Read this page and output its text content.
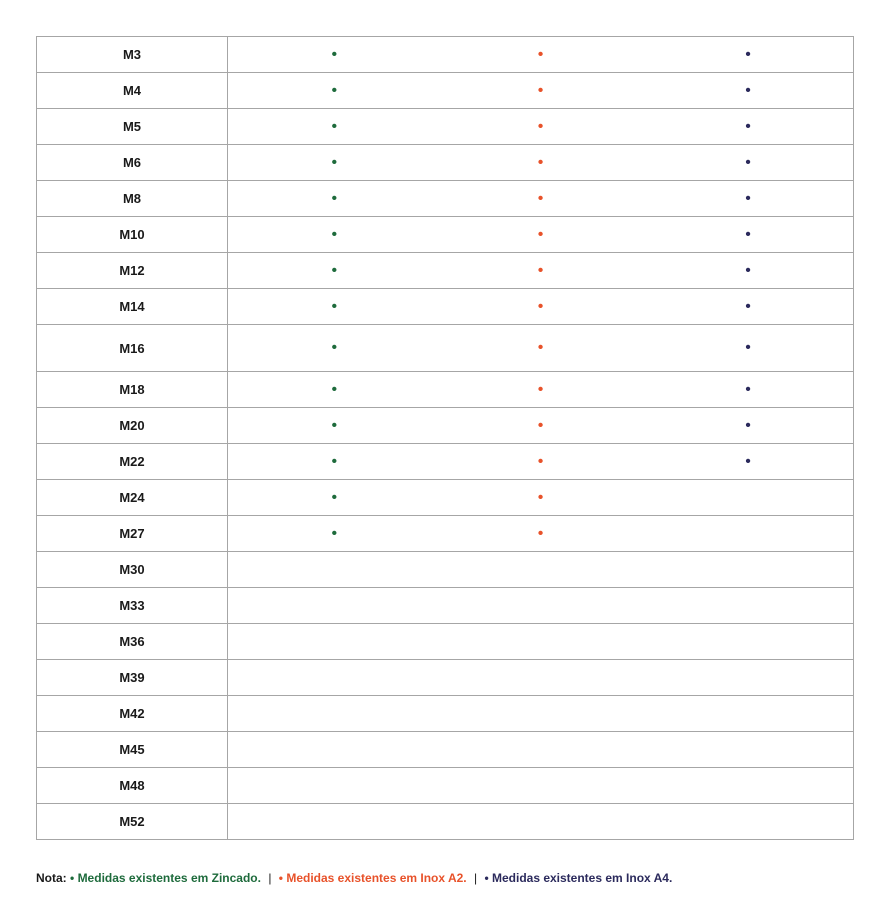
M3	• • •

M4	• • •

M5	• • •

M6	• • •

M8	• • •

M10	• • •

M12	• • •

M14	• • •

M16	• • •

M18	• • •

M20	• • •

M22	• • •

M24	• •

M27	• •

M30	
M33	
M36	
M39	
M42	
M45	
M48	
M52	
Nota: • Medidas existentes em Zincado. | • Medidas existentes em Inox A2. | • Medidas existentes em Inox A4.
